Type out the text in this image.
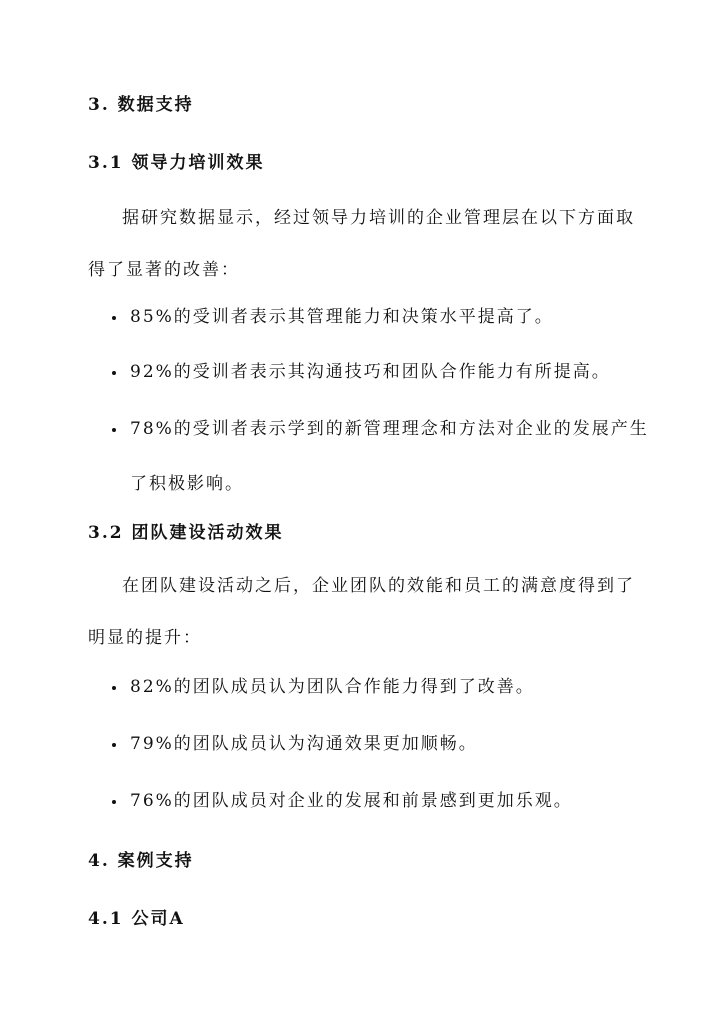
3. 数据支持
3.1 领导力培训效果
据研究数据显示，经过领导力培训的企业管理层在以下方面取得了显著的改善：
85%的受训者表示其管理能力和决策水平提高了。
92%的受训者表示其沟通技巧和团队合作能力有所提高。
78%的受训者表示学到的新管理理念和方法对企业的发展产生了积极影响。
3.2 团队建设活动效果
在团队建设活动之后，企业团队的效能和员工的满意度得到了明显的提升：
82%的团队成员认为团队合作能力得到了改善。
79%的团队成员认为沟通效果更加顺畅。
76%的团队成员对企业的发展和前景感到更加乐观。
4. 案例支持
4.1 公司A
